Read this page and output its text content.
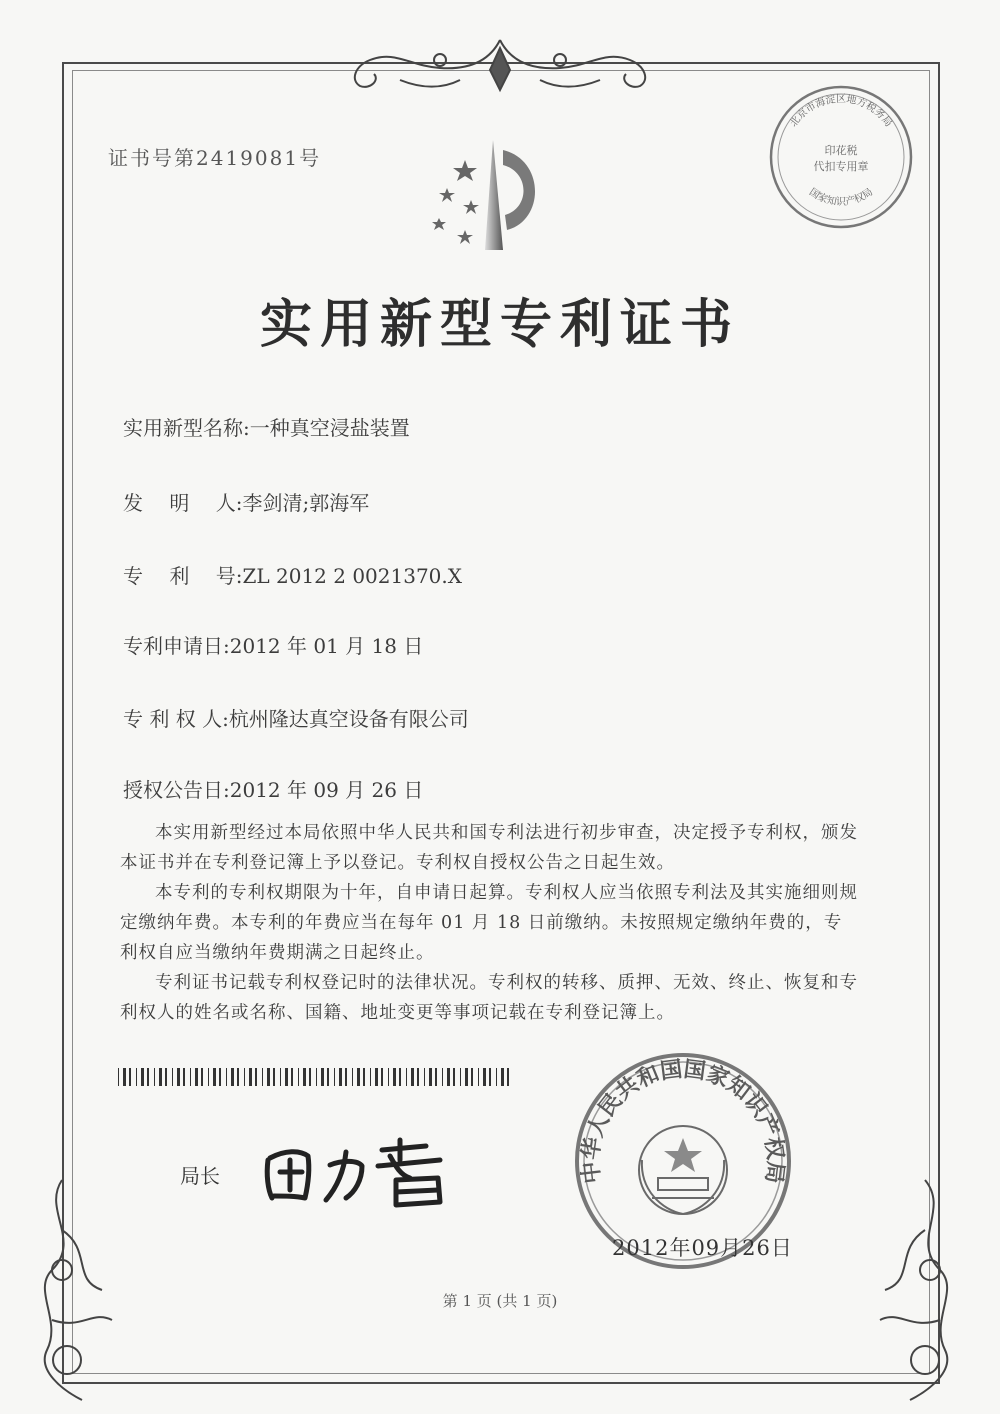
证书号第2419081号
北京市海淀区地方税务局
国家知识产权局
印花税
代扣专用章
实用新型专利证书
实用新型名称:一种真空浸盐装置
发　 明　 人:李剑清;郭海军
专　 利　 号:ZL 2012 2 0021370.X
专利申请日:2012 年 01 月 18 日
专 利 权 人:杭州隆达真空设备有限公司
授权公告日:2012 年 09 月 26 日

本实用新型经过本局依照中华人民共和国专利法进行初步审查，决定授予专利权，颁发本证书并在专利登记簿上予以登记。专利权自授权公告之日起生效。

本专利的专利权期限为十年，自申请日起算。专利权人应当依照专利法及其实施细则规定缴纳年费。本专利的年费应当在每年 01 月 18 日前缴纳。未按照规定缴纳年费的，专利权自应当缴纳年费期满之日起终止。

专利证书记载专利权登记时的法律状况。专利权的转移、质押、无效、终止、恢复和专利权人的姓名或名称、国籍、地址变更等事项记载在专利登记簿上。

局长	中华人民共和国国家知识产权局
2012年09月26日
第 1 页 (共 1 页)
